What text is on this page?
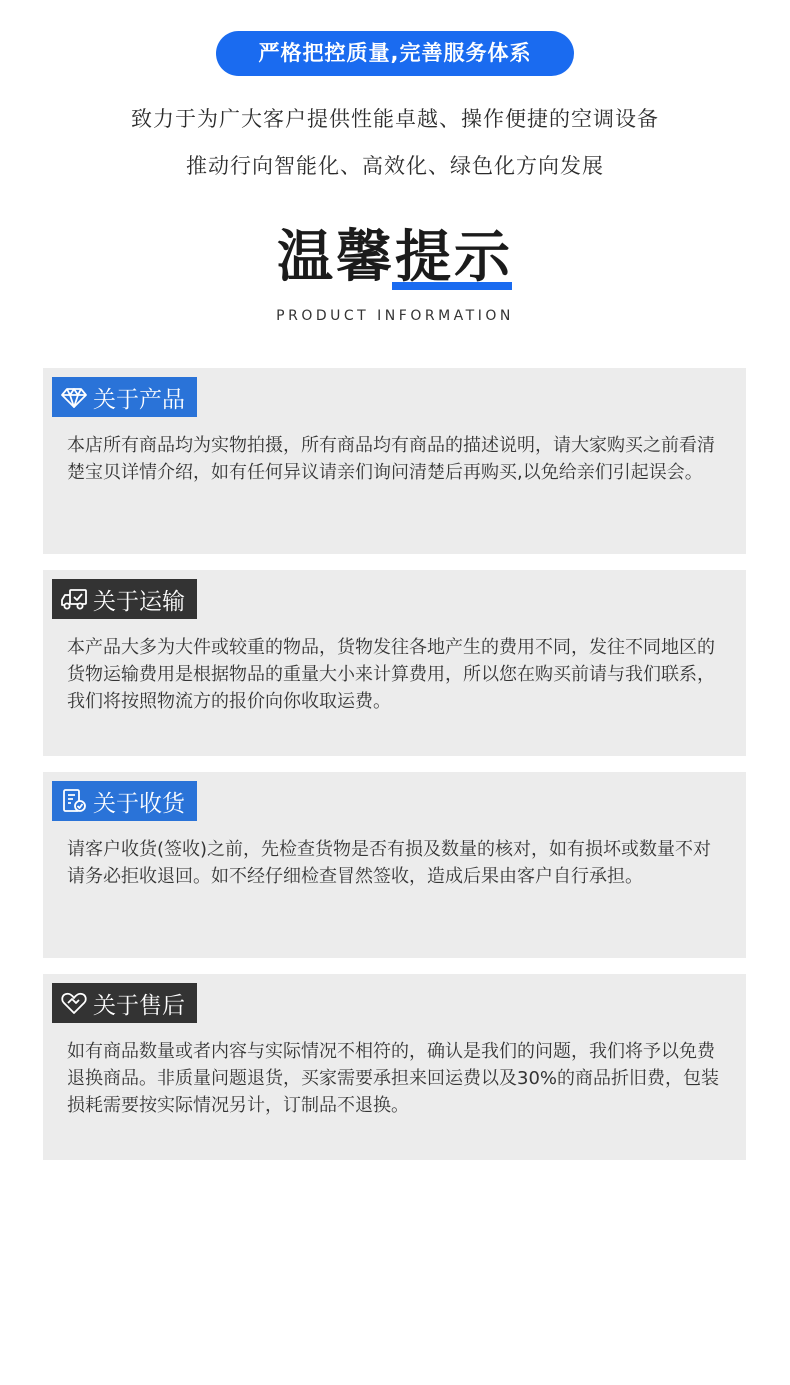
严格把控质量,完善服务体系
致力于为广大客户提供性能卓越、操作便捷的空调设备
推动行向智能化、高效化、绿色化方向发展
温馨提示
PRODUCT INFORMATION
关于产品
本店所有商品均为实物拍摄，所有商品均有商品的描述说明，请大家购买之前看清楚宝贝详情介绍，如有任何异议请亲们询问清楚后再购买,以免给亲们引起误会。
关于运输
本产品大多为大件或较重的物品，货物发往各地产生的费用不同，发往不同地区的货物运输费用是根据物品的重量大小来计算费用，所以您在购买前请与我们联系，我们将按照物流方的报价向你收取运费。
关于收货
请客户收货(签收)之前，先检查货物是否有损及数量的核对，如有损坏或数量不对请务必拒收退回。如不经仔细检查冒然签收，造成后果由客户自行承担。
关于售后
如有商品数量或者内容与实际情况不相符的，确认是我们的问题，我们将予以免费退换商品。非质量问题退货，买家需要承担来回运费以及30%的商品折旧费，包装损耗需要按实际情况另计，订制品不退换。
